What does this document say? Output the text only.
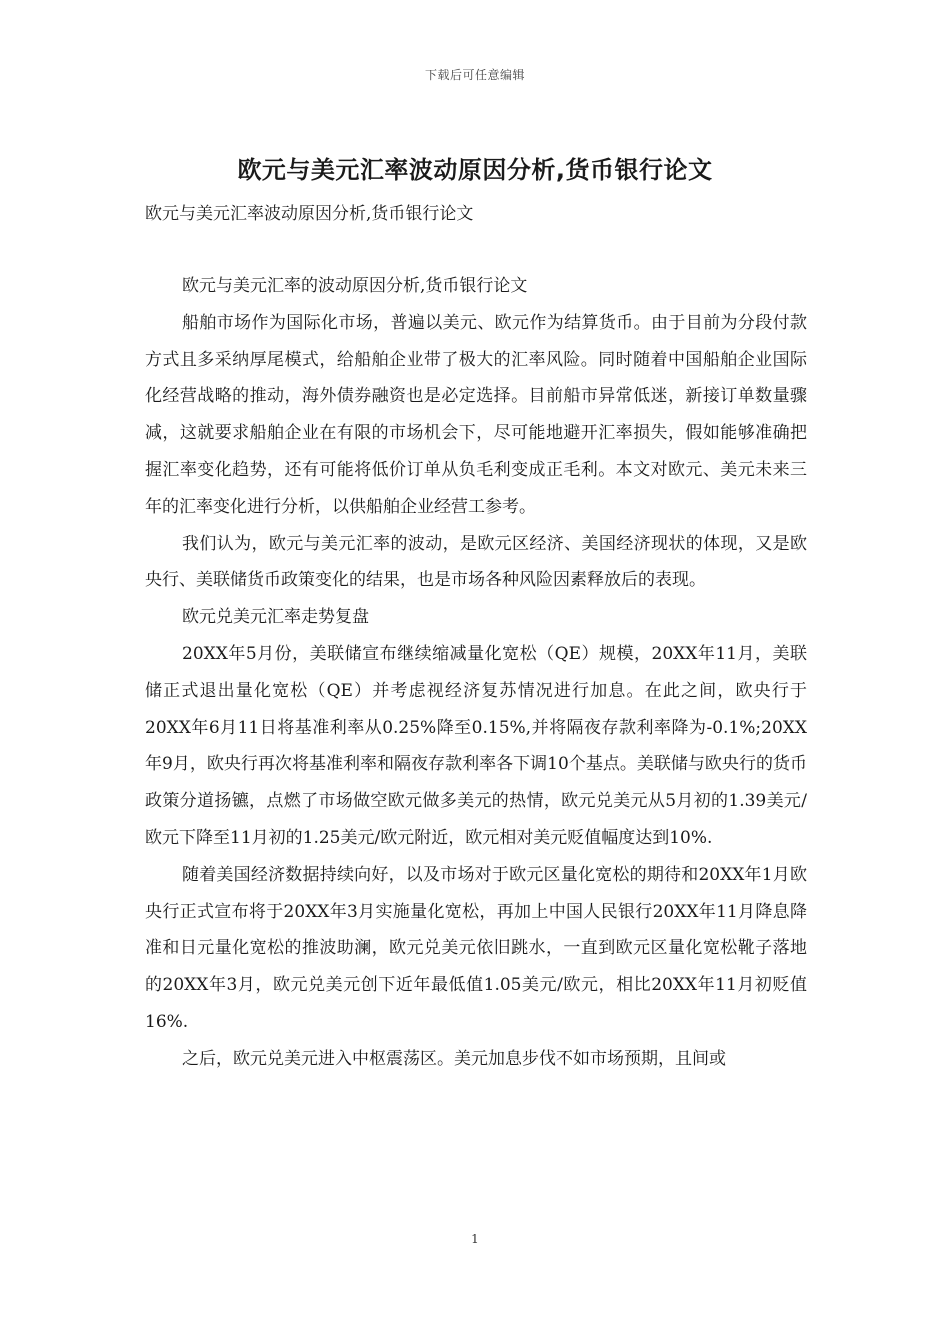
下载后可任意编辑
欧元与美元汇率波动原因分析,货币银行论文
欧元与美元汇率波动原因分析,货币银行论文

欧元与美元汇率的波动原因分析,货币银行论文

船舶市场作为国际化市场，普遍以美元、欧元作为结算货币。由于目前为分段付款方式且多采纳厚尾模式，给船舶企业带了极大的汇率风险。同时随着中国船舶企业国际化经营战略的推动，海外债券融资也是必定选择。目前船市异常低迷，新接订单数量骤减，这就要求船舶企业在有限的市场机会下，尽可能地避开汇率损失，假如能够准确把握汇率变化趋势，还有可能将低价订单从负毛利变成正毛利。本文对欧元、美元未来三年的汇率变化进行分析，以供船舶企业经营工参考。

我们认为，欧元与美元汇率的波动，是欧元区经济、美国经济现状的体现，又是欧央行、美联储货币政策变化的结果，也是市场各种风险因素释放后的表现。

欧元兑美元汇率走势复盘

20XX年5月份，美联储宣布继续缩减量化宽松（QE）规模，20XX年11月，美联储正式退出量化宽松（QE）并考虑视经济复苏情况进行加息。在此之间，欧央行于20XX年6月11日将基准利率从0.25%降至0.15%,并将隔夜存款利率降为-0.1%;20XX年9月，欧央行再次将基准利率和隔夜存款利率各下调10个基点。美联储与欧央行的货币政策分道扬镳，点燃了市场做空欧元做多美元的热情，欧元兑美元从5月初的1.39美元/欧元下降至11月初的1.25美元/欧元附近，欧元相对美元贬值幅度达到10%.

随着美国经济数据持续向好，以及市场对于欧元区量化宽松的期待和20XX年1月欧央行正式宣布将于20XX年3月实施量化宽松，再加上中国人民银行20XX年11月降息降准和日元量化宽松的推波助澜，欧元兑美元依旧跳水，一直到欧元区量化宽松靴子落地的20XX年3月，欧元兑美元创下近年最低值1.05美元/欧元，相比20XX年11月初贬值16%.

之后，欧元兑美元进入中枢震荡区。美元加息步伐不如市场预期，且间或

1
